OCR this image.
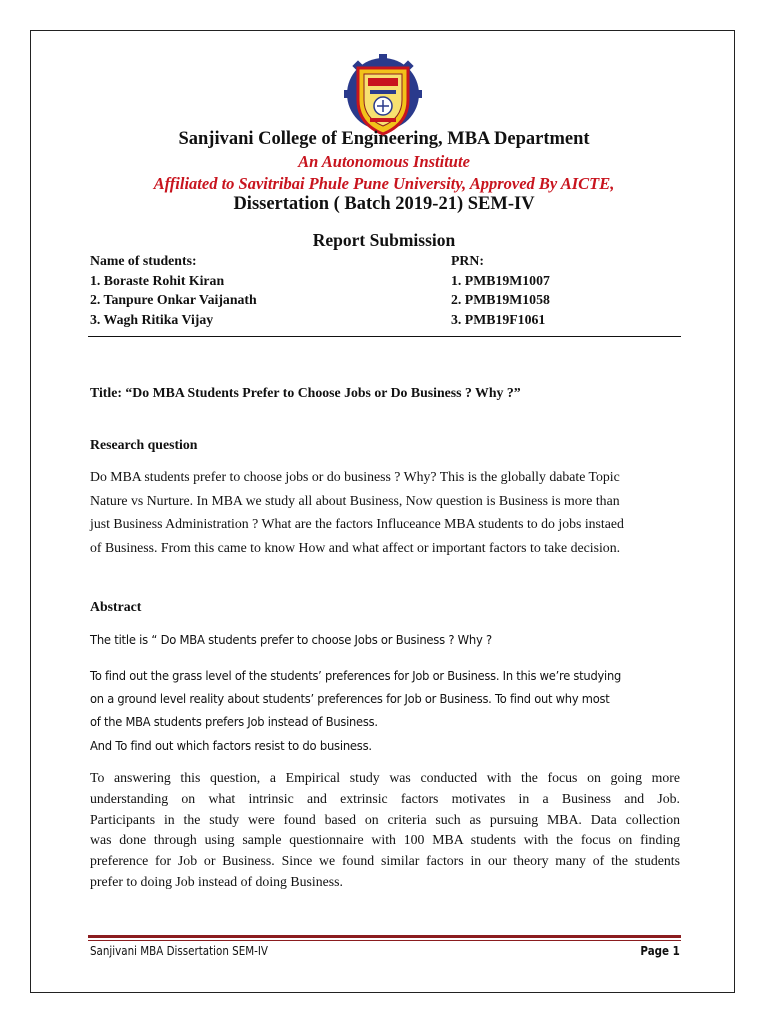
Sanjivani College of Engineering, MBA Department
An Autonomous Institute
Affiliated to Savitribai Phule Pune University, Approved By AICTE,
Dissertation ( Batch 2019-21) SEM-IV
Report Submission
Name of students:	PRN:
1. Boraste Rohit Kiran	1. PMB19M1007
2. Tanpure Onkar Vaijanath	2. PMB19M1058
3. Wagh Ritika Vijay	3. PMB19F1061
Title: “Do MBA Students Prefer to Choose Jobs or Do Business ? Why ?”
Research question
Do MBA students prefer to choose jobs or do business ? Why? This is the globally dabate Topic
Nature vs Nurture. In MBA we study all about Business, Now question is Business is more than
just Business Administration ? What are the factors Influceance MBA students to do jobs instaed
of Business. From this came to know How and what affect or important factors to take decision.
Abstract
The title is “ Do MBA students prefer to choose Jobs or Business ? Why ?
To find out the grass level of the students’ preferences for Job or Business. In this we’re studying
on a ground level reality about students’ preferences for Job or Business. To find out why most
of the MBA students prefers Job instead of Business.
And To find out which factors resist to do business.
To answering this question, a Empirical study was conducted with the focus on going more
understanding on what intrinsic and extrinsic factors motivates in a Business and Job.
Participants in the study were found based on criteria such as pursuing MBA. Data collection
was done through using sample questionnaire with 100 MBA students with the focus on finding
preference for Job or Business. Since we found similar factors in our theory many of the students
prefer to doing Job instead of doing Business.
Sanjivani MBA Dissertation SEM-IV	Page 1
